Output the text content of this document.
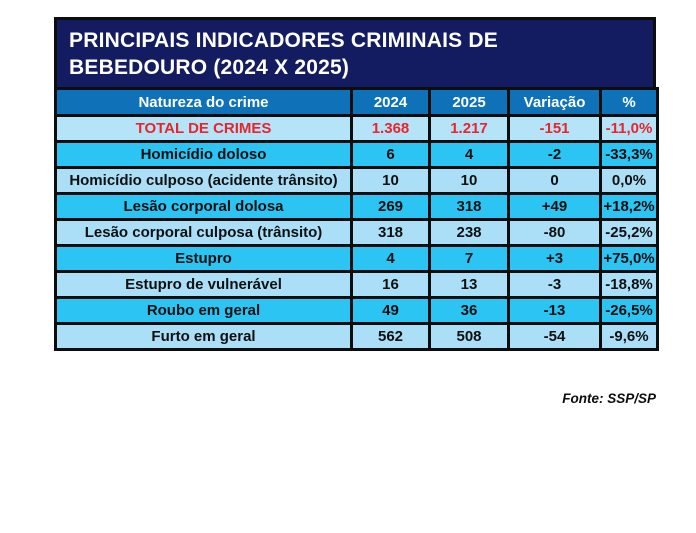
PRINCIPAIS INDICADORES CRIMINAIS DE
BEBEDOURO (2024 X 2025)
Natureza do crime	2024	2025	Variação	%
TOTAL DE CRIMES	1.368	1.217	-151	-11,0%
Homicídio doloso	6	4	-2	-33,3%
Homicídio culposo (acidente trânsito)	10	10	0	0,0%
Lesão corporal dolosa	269	318	+49	+18,2%
Lesão corporal culposa (trânsito)	318	238	-80	-25,2%
Estupro	4	7	+3	+75,0%
Estupro de vulnerável	16	13	-3	-18,8%
Roubo em geral	49	36	-13	-26,5%
Furto em geral	562	508	-54	-9,6%
Fonte: SSP/SP
